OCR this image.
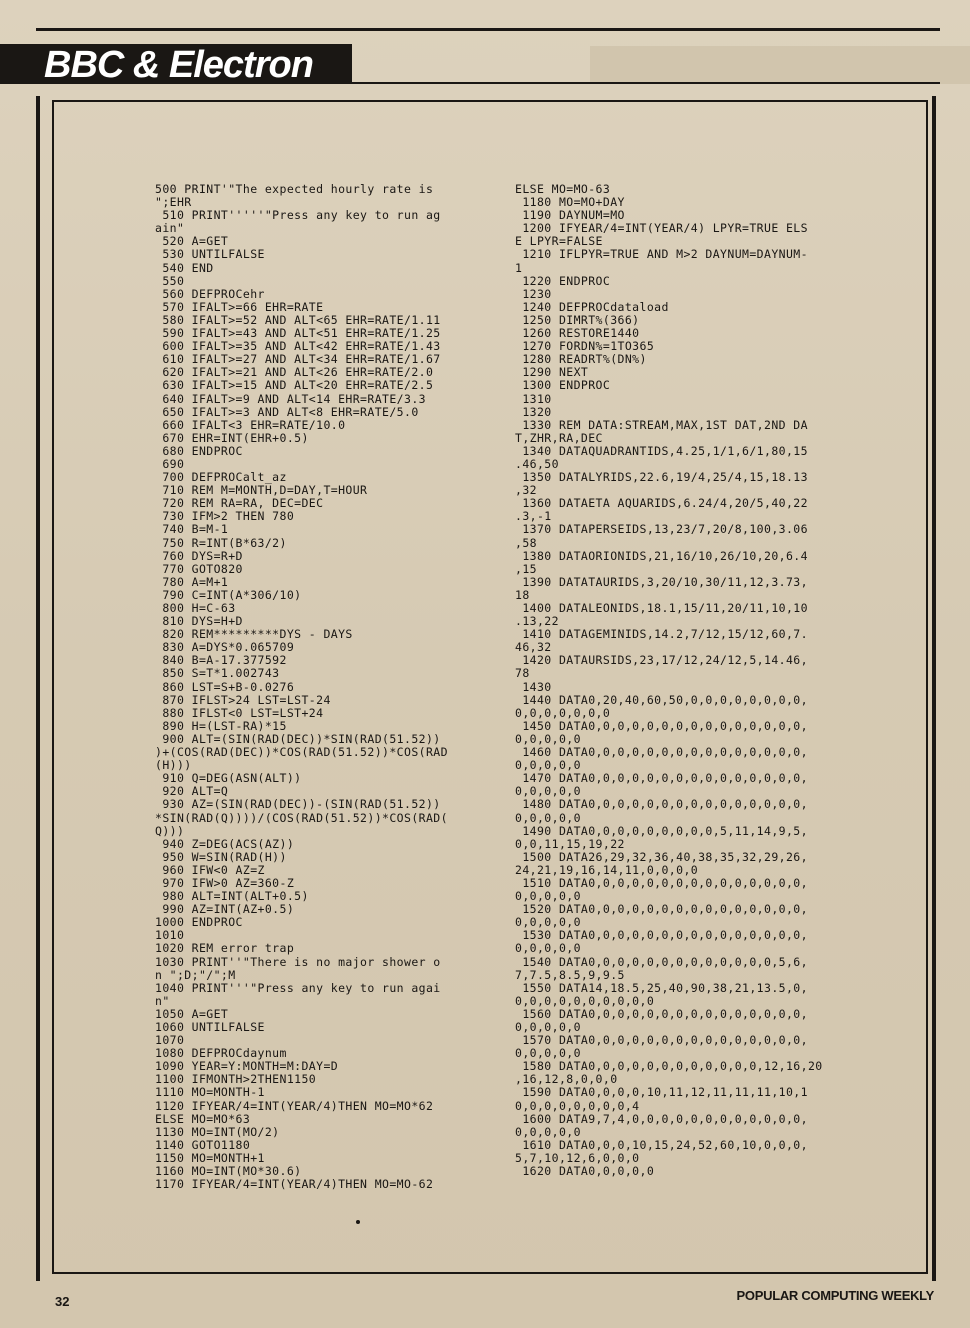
BBC & Electron
500 PRINT'"The expected hourly rate is
";EHR
510 PRINT'''''"Press any key to run ag
ain"
520 A=GET
530 UNTILFALSE
540 END
550
560 DEFPROCehr
570 IFALT>=66 EHR=RATE
580 IFALT>=52 AND ALT<65 EHR=RATE/1.11
590 IFALT>=43 AND ALT<51 EHR=RATE/1.25
600 IFALT>=35 AND ALT<42 EHR=RATE/1.43
610 IFALT>=27 AND ALT<34 EHR=RATE/1.67
620 IFALT>=21 AND ALT<26 EHR=RATE/2.0
630 IFALT>=15 AND ALT<20 EHR=RATE/2.5
640 IFALT>=9 AND ALT<14 EHR=RATE/3.3
650 IFALT>=3 AND ALT<8 EHR=RATE/5.0
660 IFALT<3 EHR=RATE/10.0
670 EHR=INT(EHR+0.5)
680 ENDPROC
690
700 DEFPROCalt_az
710 REM M=MONTH,D=DAY,T=HOUR
720 REM RA=RA, DEC=DEC
730 IFM>2 THEN 780
740 B=M-1
750 R=INT(B*63/2)
760 DYS=R+D
770 GOTO820
780 A=M+1
790 C=INT(A*306/10)
800 H=C-63
810 DYS=H+D
820 REM*********DYS - DAYS
830 A=DYS*0.065709
840 B=A-17.377592
850 S=T*1.002743
860 LST=S+B-0.0276
870 IFLST>24 LST=LST-24
880 IFLST<0 LST=LST+24
890 H=(LST-RA)*15
900 ALT=(SIN(RAD(DEC))*SIN(RAD(51.52))
)+(COS(RAD(DEC))*COS(RAD(51.52))*COS(RAD
(H)))
910 Q=DEG(ASN(ALT))
920 ALT=Q
930 AZ=(SIN(RAD(DEC))-(SIN(RAD(51.52))
*SIN(RAD(Q))))/(COS(RAD(51.52))*COS(RAD(
Q)))
940 Z=DEG(ACS(AZ))
950 W=SIN(RAD(H))
960 IFW<0 AZ=Z
970 IFW>0 AZ=360-Z
980 ALT=INT(ALT+0.5)
990 AZ=INT(AZ+0.5)
1000 ENDPROC
1010
1020 REM error trap
1030 PRINT''"There is no major shower o
n ";D;"/";M
1040 PRINT'''"Press any key to run agai
n"
1050 A=GET
1060 UNTILFALSE
1070
1080 DEFPROCdaynum
1090 YEAR=Y:MONTH=M:DAY=D
1100 IFMONTH>2THEN1150
1110 MO=MONTH-1
1120 IFYEAR/4=INT(YEAR/4)THEN MO=MO*62
ELSE MO=MO*63
1130 MO=INT(MO/2)
1140 GOTO1180
1150 MO=MONTH+1
1160 MO=INT(MO*30.6)
1170 IFYEAR/4=INT(YEAR/4)THEN MO=MO-62
ELSE MO=MO-63
1180 MO=MO+DAY
1190 DAYNUM=MO
1200 IFYEAR/4=INT(YEAR/4) LPYR=TRUE ELS
E LPYR=FALSE
1210 IFLPYR=TRUE AND M>2 DAYNUM=DAYNUM-
1
1220 ENDPROC
1230
1240 DEFPROCdataload
1250 DIMRT%(366)
1260 RESTORE1440
1270 FORDN%=1TO365
1280 READRT%(DN%)
1290 NEXT
1300 ENDPROC
1310
1320
1330 REM DATA:STREAM,MAX,1ST DAT,2ND DA
T,ZHR,RA,DEC
1340 DATAQUADRANTIDS,4.25,1/1,6/1,80,15
.46,50
1350 DATALYRIDS,22.6,19/4,25/4,15,18.13
,32
1360 DATAETA AQUARIDS,6.24/4,20/5,40,22
.3,-1
1370 DATAPERSEIDS,13,23/7,20/8,100,3.06
,58
1380 DATAORIONIDS,21,16/10,26/10,20,6.4
,15
1390 DATATAURIDS,3,20/10,30/11,12,3.73,
18
1400 DATALEONIDS,18.1,15/11,20/11,10,10
.13,22
1410 DATAGEMINIDS,14.2,7/12,15/12,60,7.
46,32
1420 DATAURSIDS,23,17/12,24/12,5,14.46,
78
1430
1440 DATA0,20,40,60,50,0,0,0,0,0,0,0,0,
0,0,0,0,0,0,0
1450 DATA0,0,0,0,0,0,0,0,0,0,0,0,0,0,0,
0,0,0,0,0
1460 DATA0,0,0,0,0,0,0,0,0,0,0,0,0,0,0,
0,0,0,0,0
1470 DATA0,0,0,0,0,0,0,0,0,0,0,0,0,0,0,
0,0,0,0,0
1480 DATA0,0,0,0,0,0,0,0,0,0,0,0,0,0,0,
0,0,0,0,0
1490 DATA0,0,0,0,0,0,0,0,0,5,11,14,9,5,
0,0,11,15,19,22
1500 DATA26,29,32,36,40,38,35,32,29,26,
24,21,19,16,14,11,0,0,0,0
1510 DATA0,0,0,0,0,0,0,0,0,0,0,0,0,0,0,
0,0,0,0,0
1520 DATA0,0,0,0,0,0,0,0,0,0,0,0,0,0,0,
0,0,0,0,0
1530 DATA0,0,0,0,0,0,0,0,0,0,0,0,0,0,0,
0,0,0,0,0
1540 DATA0,0,0,0,0,0,0,0,0,0,0,0,0,5,6,
7,7.5,8.5,9,9.5
1550 DATA14,18.5,25,40,90,38,21,13.5,0,
0,0,0,0,0,0,0,0,0,0
1560 DATA0,0,0,0,0,0,0,0,0,0,0,0,0,0,0,
0,0,0,0,0
1570 DATA0,0,0,0,0,0,0,0,0,0,0,0,0,0,0,
0,0,0,0,0
1580 DATA0,0,0,0,0,0,0,0,0,0,0,0,12,16,20
,16,12,8,0,0,0
1590 DATA0,0,0,0,10,11,12,11,11,11,10,1
0,0,0,0,0,0,0,0,4
1600 DATA9,7,4,0,0,0,0,0,0,0,0,0,0,0,0,
0,0,0,0,0
1610 DATA0,0,0,10,15,24,52,60,10,0,0,0,
5,7,10,12,6,0,0,0
1620 DATA0,0,0,0,0
32	POPULAR COMPUTING WEEKLY
